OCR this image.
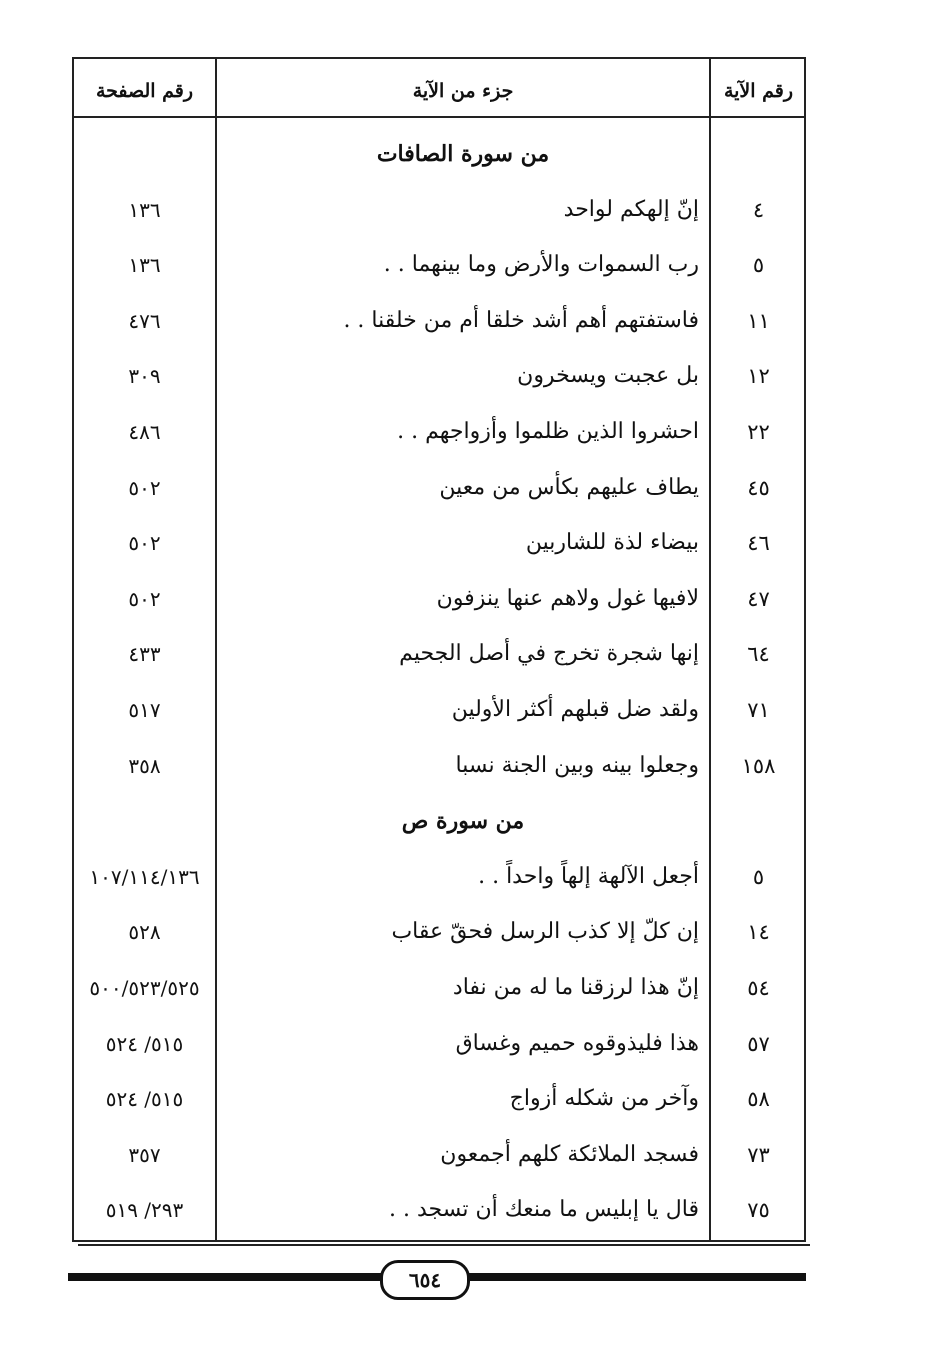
رقم الصفحة	جزء من الآية	رقم الآية
من سورة الصافات
١٣٦	إنّ إلهكم لواحد	٤
١٣٦	رب السموات والأرض وما بينهما . .	٥
٤٧٦	فاستفتهم أهم أشد خلقا أم من خلقنا . .	١١
٣٠٩	بل عجبت ويسخرون	١٢
٤٨٦	احشروا الذين ظلموا وأزواجهم . .	٢٢
٥٠٢	يطاف عليهم بكأس من معين	٤٥
٥٠٢	بيضاء لذة للشاربين	٤٦
٥٠٢	لافيها غول ولاهم عنها ينزفون	٤٧
٤٣٣	إنها شجرة تخرج في أصل الجحيم	٦٤
٥١٧	ولقد ضل قبلهم أكثر الأولين	٧١
٣٥٨	وجعلوا بينه وبين الجنة نسبا	١٥٨
من سورة ص
١٠٧/١١٤/١٣٦	أجعل الآلهة إلهاً واحداً . .	٥
٥٢٨	إن كلّ إلا كذب الرسل فحقّ عقاب	١٤
٥٠٠/٥٢٣/٥٢٥	إنّ هذا لرزقنا ما له من نفاد	٥٤
٥١٥/ ٥٢٤	هذا فليذوقوه حميم وغساق	٥٧
٥١٥/ ٥٢٤	وآخر من شكله أزواج	٥٨
٣٥٧	فسجد الملائكة كلهم أجمعون	٧٣
٢٩٣/ ٥١٩	قال يا إبليس ما منعك أن تسجد . .	٧٥
٦٥٤
